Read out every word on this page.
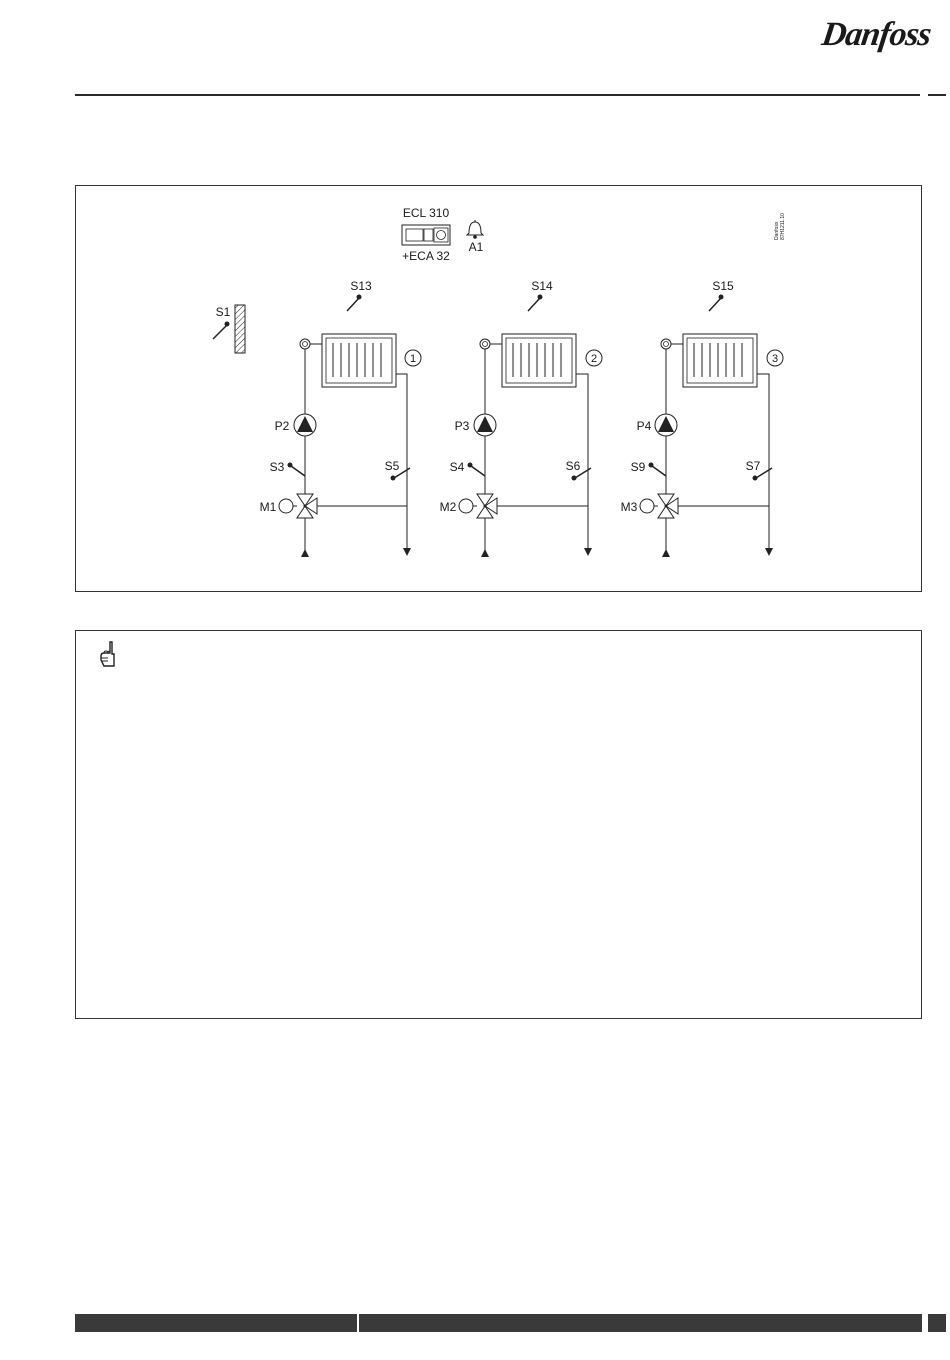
Danfoss
ECL 310
+ECA 32
A1
Danfoss 87H1211.10
S1
S13
1
P2
S3	S5
M1
S14
2
P3
S4	S6
M2
S15
3
P4
S9	S7
M3
